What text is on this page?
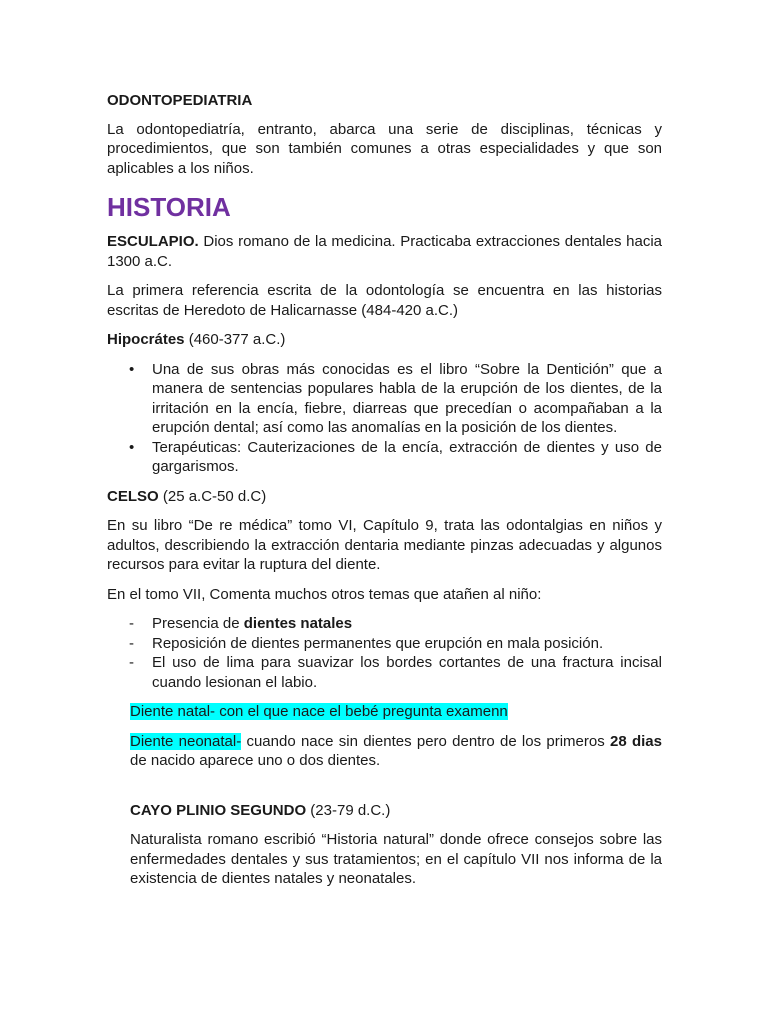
ODONTOPEDIATRIA

La odontopediatría, entranto, abarca una serie de disciplinas, técnicas y procedimientos, que son también comunes a otras especialidades y que son aplicables a los niños.

HISTORIA

ESCULAPIO. Dios romano de la medicina. Practicaba extracciones dentales hacia 1300 a.C.

La primera referencia escrita de la odontología se encuentra en las historias escritas de Heredoto de Halicarnasse (484-420 a.C.)

Hipocrátes (460-377 a.C.)

• Una de sus obras más conocidas es el libro “Sobre la Dentición” que a manera de sentencias populares habla de la erupción de los dientes, de la irritación en la encía, fiebre, diarreas que precedían o acompañaban a la erupción dental; así como las anomalías en la posición de los dientes.
• Terapéuticas: Cauterizaciones de la encía, extracción de dientes y uso de gargarismos.

CELSO (25 a.C-50 d.C)

En su libro “De re médica” tomo VI, Capítulo 9, trata las odontalgias en niños y adultos, describiendo la extracción dentaria mediante pinzas adecuadas y algunos recursos para evitar la ruptura del diente.

En el tomo VII, Comenta muchos otros temas que atañen al niño:

- Presencia de dientes natales
- Reposición de dientes permanentes que erupción en mala posición.
- El uso de lima para suavizar los bordes cortantes de una fractura incisal cuando lesionan el labio.

Diente natal- con el que nace el bebé pregunta examenn

Diente neonatal- cuando nace sin dientes pero dentro de los primeros 28 dias de nacido aparece uno o dos dientes.

CAYO PLINIO SEGUNDO (23-79 d.C.)

Naturalista romano escribió “Historia natural” donde ofrece consejos sobre las enfermedades dentales y sus tratamientos; en el capítulo VII nos informa de la existencia de dientes natales y neonatales.
